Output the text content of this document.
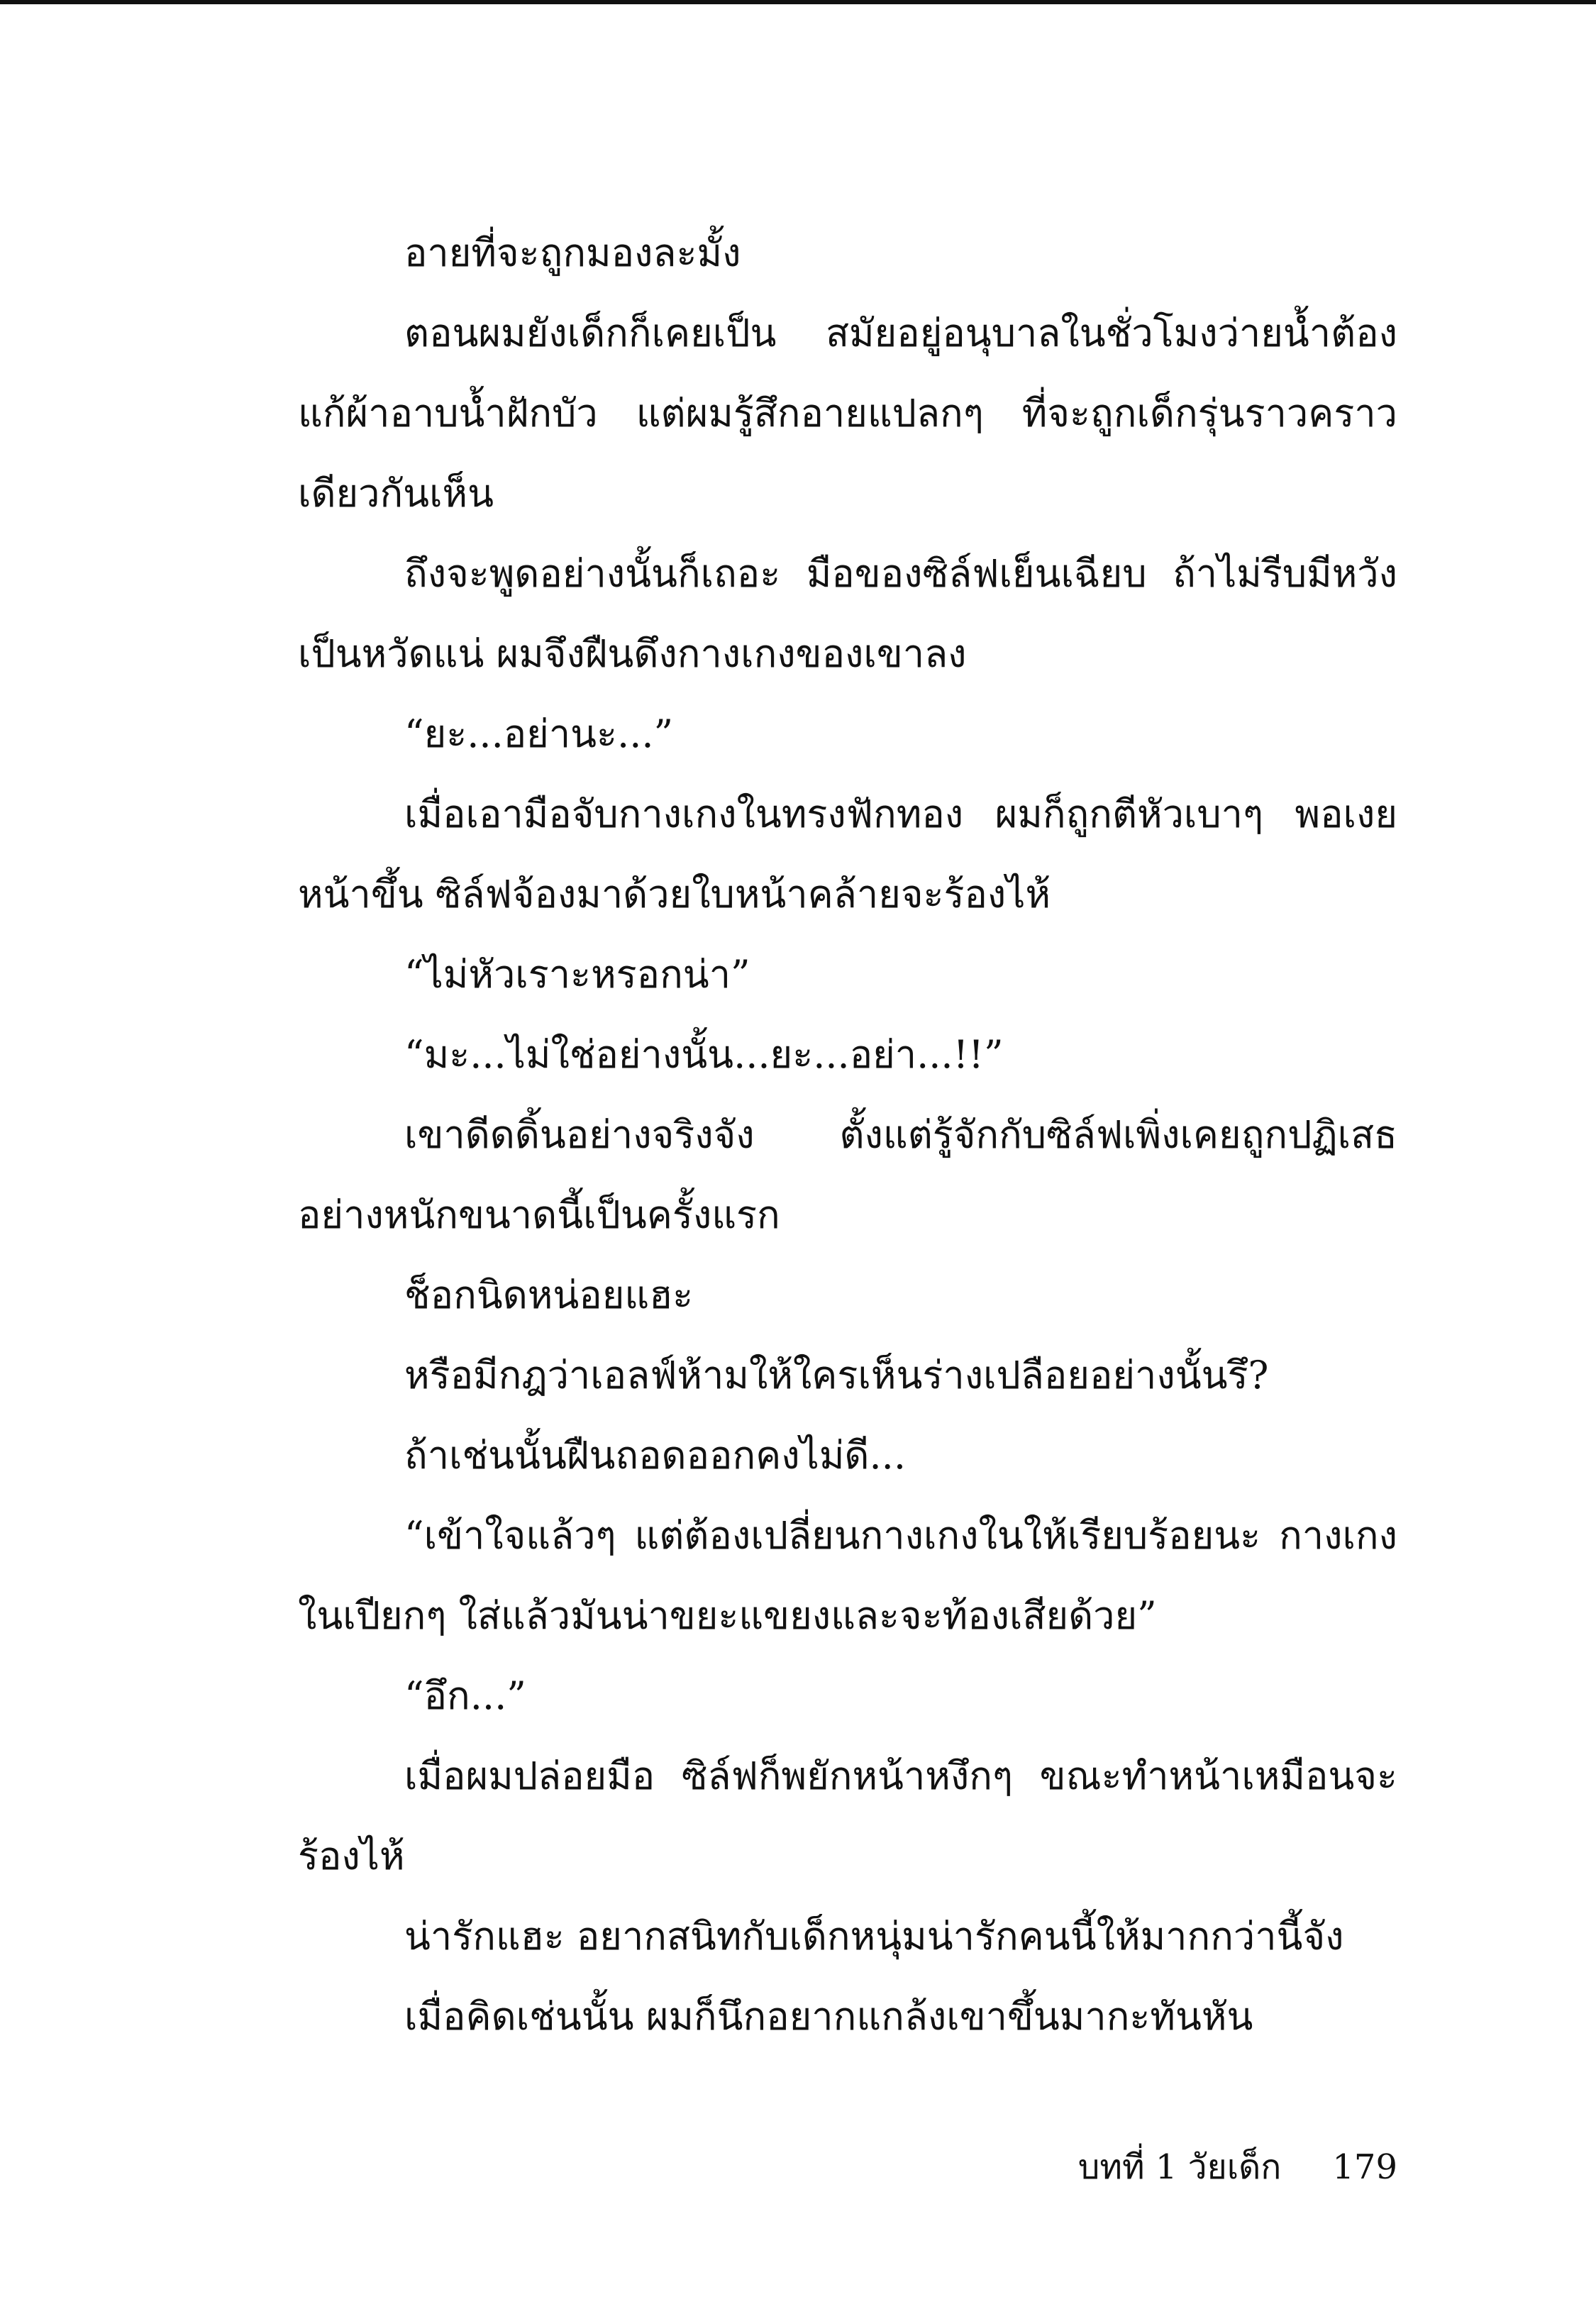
อายที่จะถูกมองละมั้ง

ตอนผมยังเด็กก็เคยเป็น สมัยอยู่อนุบาลในชั่วโมงว่ายน้ำต้องแก้ผ้าอาบน้ำฝักบัว แต่ผมรู้สึกอายแปลกๆ ที่จะถูกเด็กรุ่นราวคราวเดียวกันเห็น

ถึงจะพูดอย่างนั้นก็เถอะ มือของซิล์ฟเย็นเฉียบ ถ้าไม่รีบมีหวังเป็นหวัดแน่ ผมจึงฝืนดึงกางเกงของเขาลง

“ยะ...อย่านะ...”

เมื่อเอามือจับกางเกงในทรงฟักทอง ผมก็ถูกตีหัวเบาๆ พอเงยหน้าขึ้น ซิล์ฟจ้องมาด้วยใบหน้าคล้ายจะร้องไห้

“ไม่หัวเราะหรอกน่า”

“มะ...ไม่ใช่อย่างนั้น...ยะ...อย่า...!!”

เขาดีดดิ้นอย่างจริงจัง ตั้งแต่รู้จักกับซิล์ฟเพิ่งเคยถูกปฏิเสธอย่างหนักขนาดนี้เป็นครั้งแรก

ช็อกนิดหน่อยแฮะ

หรือมีกฎว่าเอลฟ์ห้ามให้ใครเห็นร่างเปลือยอย่างนั้นรึ?

ถ้าเช่นนั้นฝืนถอดออกคงไม่ดี...

“เข้าใจแล้วๆ แต่ต้องเปลี่ยนกางเกงในให้เรียบร้อยนะ กางเกงในเปียกๆ ใส่แล้วมันน่าขยะแขยงและจะท้องเสียด้วย”

“อึก...”

เมื่อผมปล่อยมือ ซิล์ฟก็พยักหน้าหงึกๆ ขณะทำหน้าเหมือนจะร้องไห้

น่ารักแฮะ อยากสนิทกับเด็กหนุ่มน่ารักคนนี้ให้มากกว่านี้จัง

เมื่อคิดเช่นนั้น ผมก็นึกอยากแกล้งเขาขึ้นมากะทันหัน

บทที่ 1 วัยเด็ก 179
